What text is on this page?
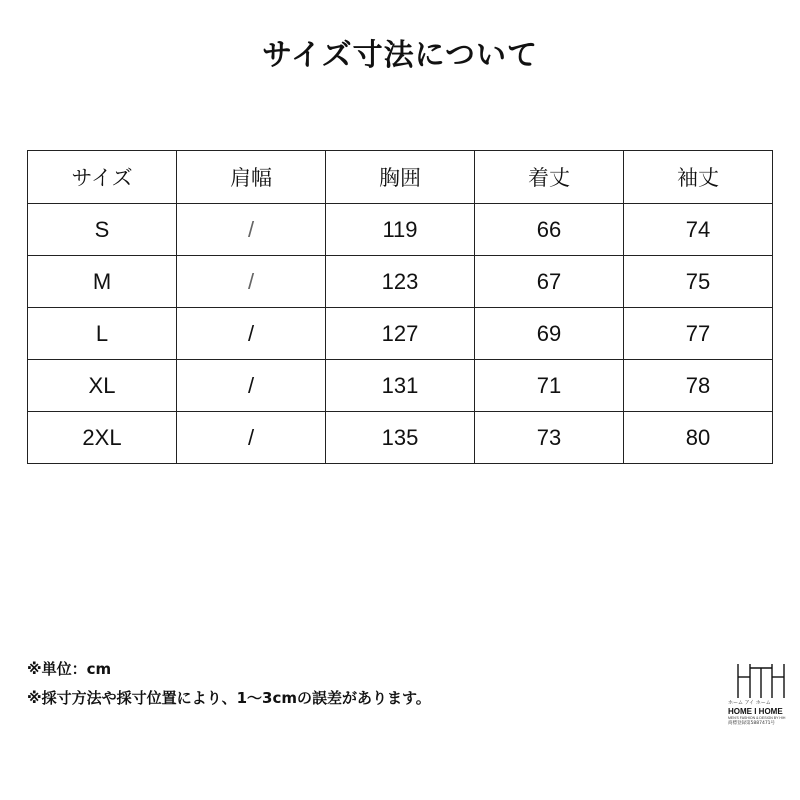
サイズ寸法について
サイズ	肩幅	胸囲	着丈	袖丈
S	/	119	66	74
M	/	123	67	75
L	/	127	69	77
XL	/	131	71	78
2XL	/	135	73	80
※単位：cm
※採寸方法や採寸位置により、1～3cmの誤差があります。	ホーム アイ ホーム
HOME I HOME
MEN'S FASHION & DESIGN BY HIH
商標登録第5887471号
